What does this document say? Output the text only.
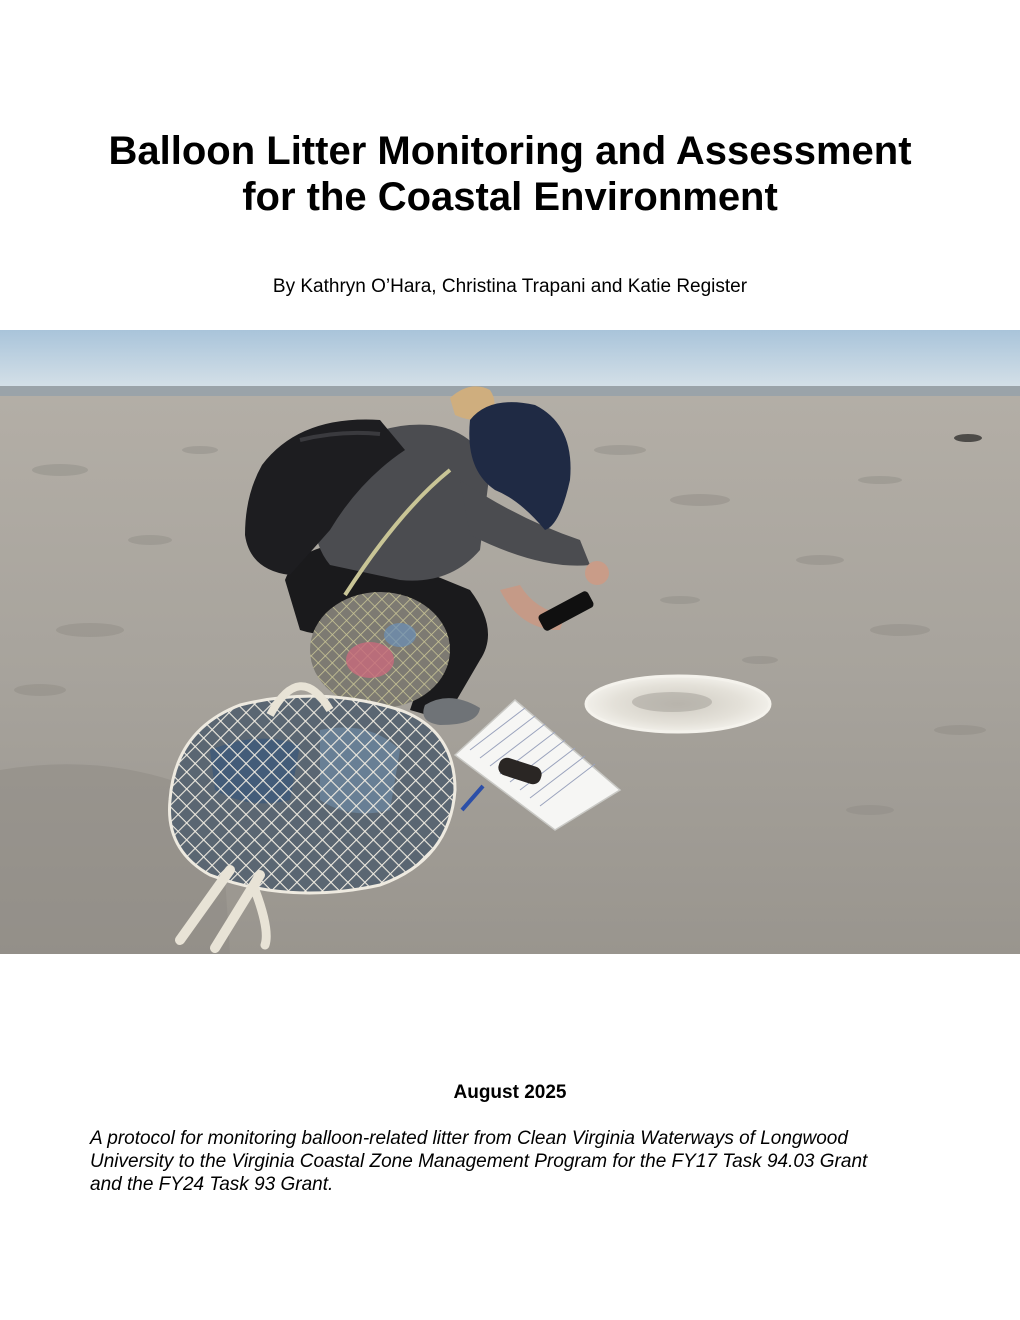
Balloon Litter Monitoring and Assessment
for the Coastal Environment
By Kathryn O’Hara, Christina Trapani and Katie Register
August 2025
A protocol for monitoring balloon-related litter from Clean Virginia Waterways of Longwood
University to the Virginia Coastal Zone Management Program for the FY17 Task 94.03 Grant
and the FY24 Task 93 Grant.
